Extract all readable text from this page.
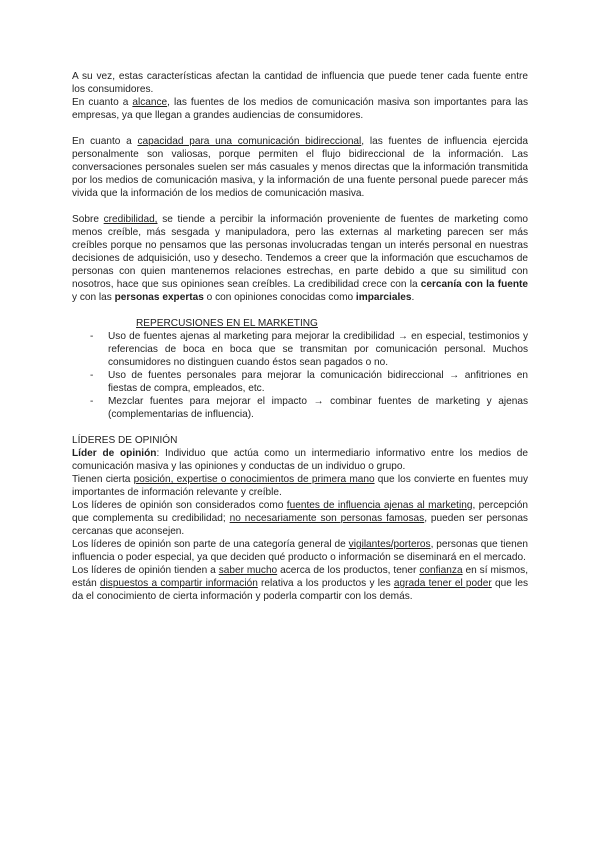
A su vez, estas características afectan la cantidad de influencia que puede tener cada fuente entre los consumidores.

En cuanto a alcance, las fuentes de los medios de comunicación masiva son importantes para las empresas, ya que llegan a grandes audiencias de consumidores.

En cuanto a capacidad para una comunicación bidireccional, las fuentes de influencia ejercida personalmente son valiosas, porque permiten el flujo bidireccional de la información. Las conversaciones personales suelen ser más casuales y menos directas que la información transmitida por los medios de comunicación masiva, y la información de una fuente personal puede parecer más vivida que la información de los medios de comunicación masiva.

Sobre credibilidad, se tiende a percibir la información proveniente de fuentes de marketing como menos creíble, más sesgada y manipuladora, pero las externas al marketing parecen ser más creíbles porque no pensamos que las personas involucradas tengan un interés personal en nuestras decisiones de adquisición, uso y desecho. Tendemos a creer que la información que escuchamos de personas con quien mantenemos relaciones estrechas, en parte debido a que su similitud con nosotros, hace que sus opiniones sean creíbles. La credibilidad crece con la cercanía con la fuente y con las personas expertas o con opiniones conocidas como imparciales.

REPERCUSIONES EN EL MARKETING

- Uso de fuentes ajenas al marketing para mejorar la credibilidad → en especial, testimonios y referencias de boca en boca que se transmitan por comunicación personal. Muchos consumidores no distinguen cuando éstos sean pagados o no.
- Uso de fuentes personales para mejorar la comunicación bidireccional → anfitriones en fiestas de compra, empleados, etc.
- Mezclar fuentes para mejorar el impacto → combinar fuentes de marketing y ajenas (complementarias de influencia).

LÍDERES DE OPINIÓN

Líder de opinión: Individuo que actúa como un intermediario informativo entre los medios de comunicación masiva y las opiniones y conductas de un individuo o grupo.

Tienen cierta posición, expertise o conocimientos de primera mano que los convierte en fuentes muy importantes de información relevante y creíble.

Los líderes de opinión son considerados como fuentes de influencia ajenas al marketing, percepción que complementa su credibilidad; no necesariamente son personas famosas, pueden ser personas cercanas que aconsejen.

Los líderes de opinión son parte de una categoría general de vigilantes/porteros, personas que tienen influencia o poder especial, ya que deciden qué producto o información se diseminará en el mercado.

Los líderes de opinión tienden a saber mucho acerca de los productos, tener confianza en sí mismos, están dispuestos a compartir información relativa a los productos y les agrada tener el poder que les da el conocimiento de cierta información y poderla compartir con los demás.
